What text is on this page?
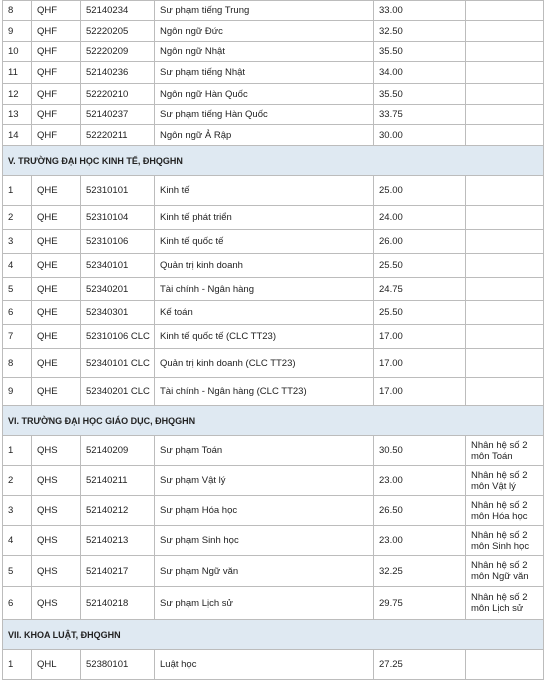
8	QHF	52140234	Sư phạm tiếng Trung	33.00	
9	QHF	52220205	Ngôn ngữ Đức	32.50	
10	QHF	52220209	Ngôn ngữ Nhật	35.50	
11	QHF	52140236	Sư phạm tiếng Nhật	34.00	
12	QHF	52220210	Ngôn ngữ Hàn Quốc	35.50	
13	QHF	52140237	Sư phạm tiếng Hàn Quốc	33.75	
14	QHF	52220211	Ngôn ngữ Ả Rập	30.00	
V. TRƯỜNG ĐẠI HỌC KINH TẾ, ĐHQGHN					
1	QHE	52310101	Kinh tế	25.00	
2	QHE	52310104	Kinh tế phát triển	24.00	
3	QHE	52310106	Kinh tế quốc tế	26.00	
4	QHE	52340101	Quản trị kinh doanh	25.50	
5	QHE	52340201	Tài chính - Ngân hàng	24.75	
6	QHE	52340301	Kế toán	25.50	
7	QHE	52310106 CLC	Kinh tế quốc tế (CLC TT23)	17.00	
8	QHE	52340101 CLC	Quản trị kinh doanh (CLC TT23)	17.00	
9	QHE	52340201 CLC	Tài chính - Ngân hàng (CLC TT23)	17.00	
VI. TRƯỜNG ĐẠI HỌC GIÁO DỤC, ĐHQGHN					
1	QHS	52140209	Sư phạm Toán	30.50	Nhân hệ số 2 môn Toán
2	QHS	52140211	Sư phạm Vật lý	23.00	Nhân hệ số 2 môn Vật lý
3	QHS	52140212	Sư phạm Hóa học	26.50	Nhân hệ số 2 môn Hóa học
4	QHS	52140213	Sư phạm Sinh học	23.00	Nhân hệ số 2 môn Sinh học
5	QHS	52140217	Sư phạm Ngữ văn	32.25	Nhân hệ số 2 môn Ngữ văn
6	QHS	52140218	Sư phạm Lịch sử	29.75	Nhân hệ số 2 môn Lịch sử
VII. KHOA LUẬT, ĐHQGHN					
1	QHL	52380101	Luật học	27.25	
